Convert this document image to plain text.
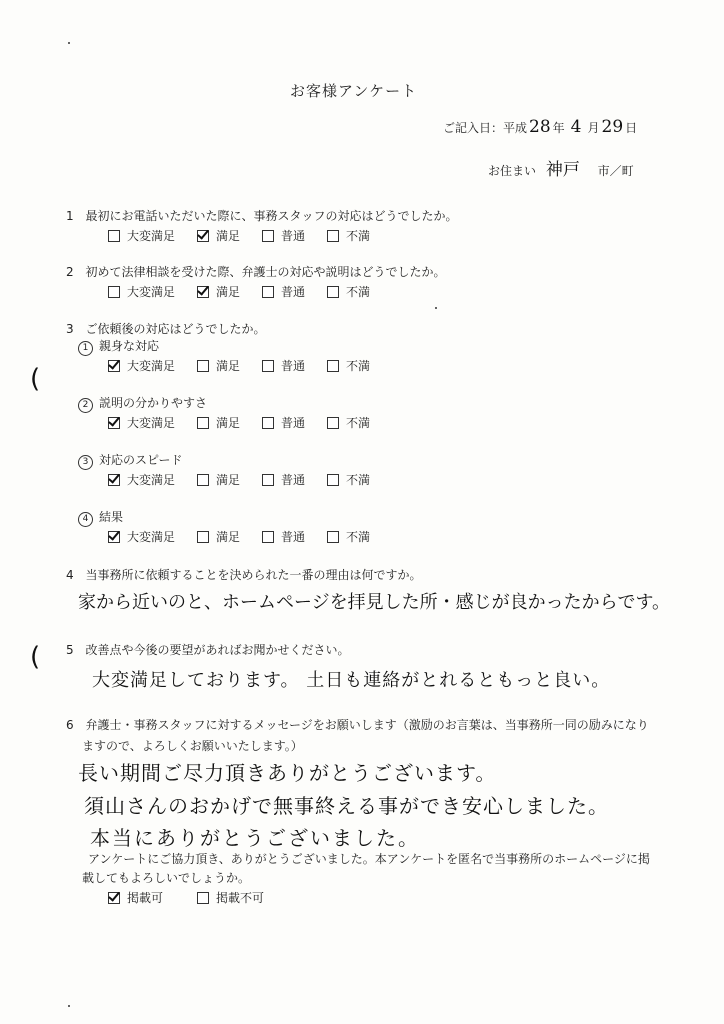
(
(
お客様アンケート
ご記入日：平成 28 年 4 月 29 日
お住まい 神戸 市／町
1 最初にお電話いただいた際に、事務スタッフの対応はどうでしたか。
大変満足	満足	普通	不満
2 初めて法律相談を受けた際、弁護士の対応や説明はどうでしたか。
大変満足	満足	普通	不満
3 ご依頼後の対応はどうでしたか。
1 親身な対応
大変満足	満足	普通	不満
2 説明の分かりやすさ
大変満足	満足	普通	不満
3 対応のスピード
大変満足	満足	普通	不満
4 結果
大変満足	満足	普通	不満
4 当事務所に依頼することを決められた一番の理由は何ですか。
家から近いのと、ホームページを拝見した所・感じが良かったからです。
5 改善点や今後の要望があればお聞かせください。
大変満足しております。 土日も連絡がとれるともっと良い。
6 弁護士・事務スタッフに対するメッセージをお願いします（激励のお言葉は、当事務所一同の励みになり
ますので、よろしくお願いいたします。）
長い期間ご尽力頂きありがとうございます。
須山さんのおかげで無事終える事ができ安心しました。
本当にありがとうございました。
アンケートにご協力頂き、ありがとうございました。本アンケートを匿名で当事務所のホームページに掲
載してもよろしいでしょうか。
掲載可	掲載不可
